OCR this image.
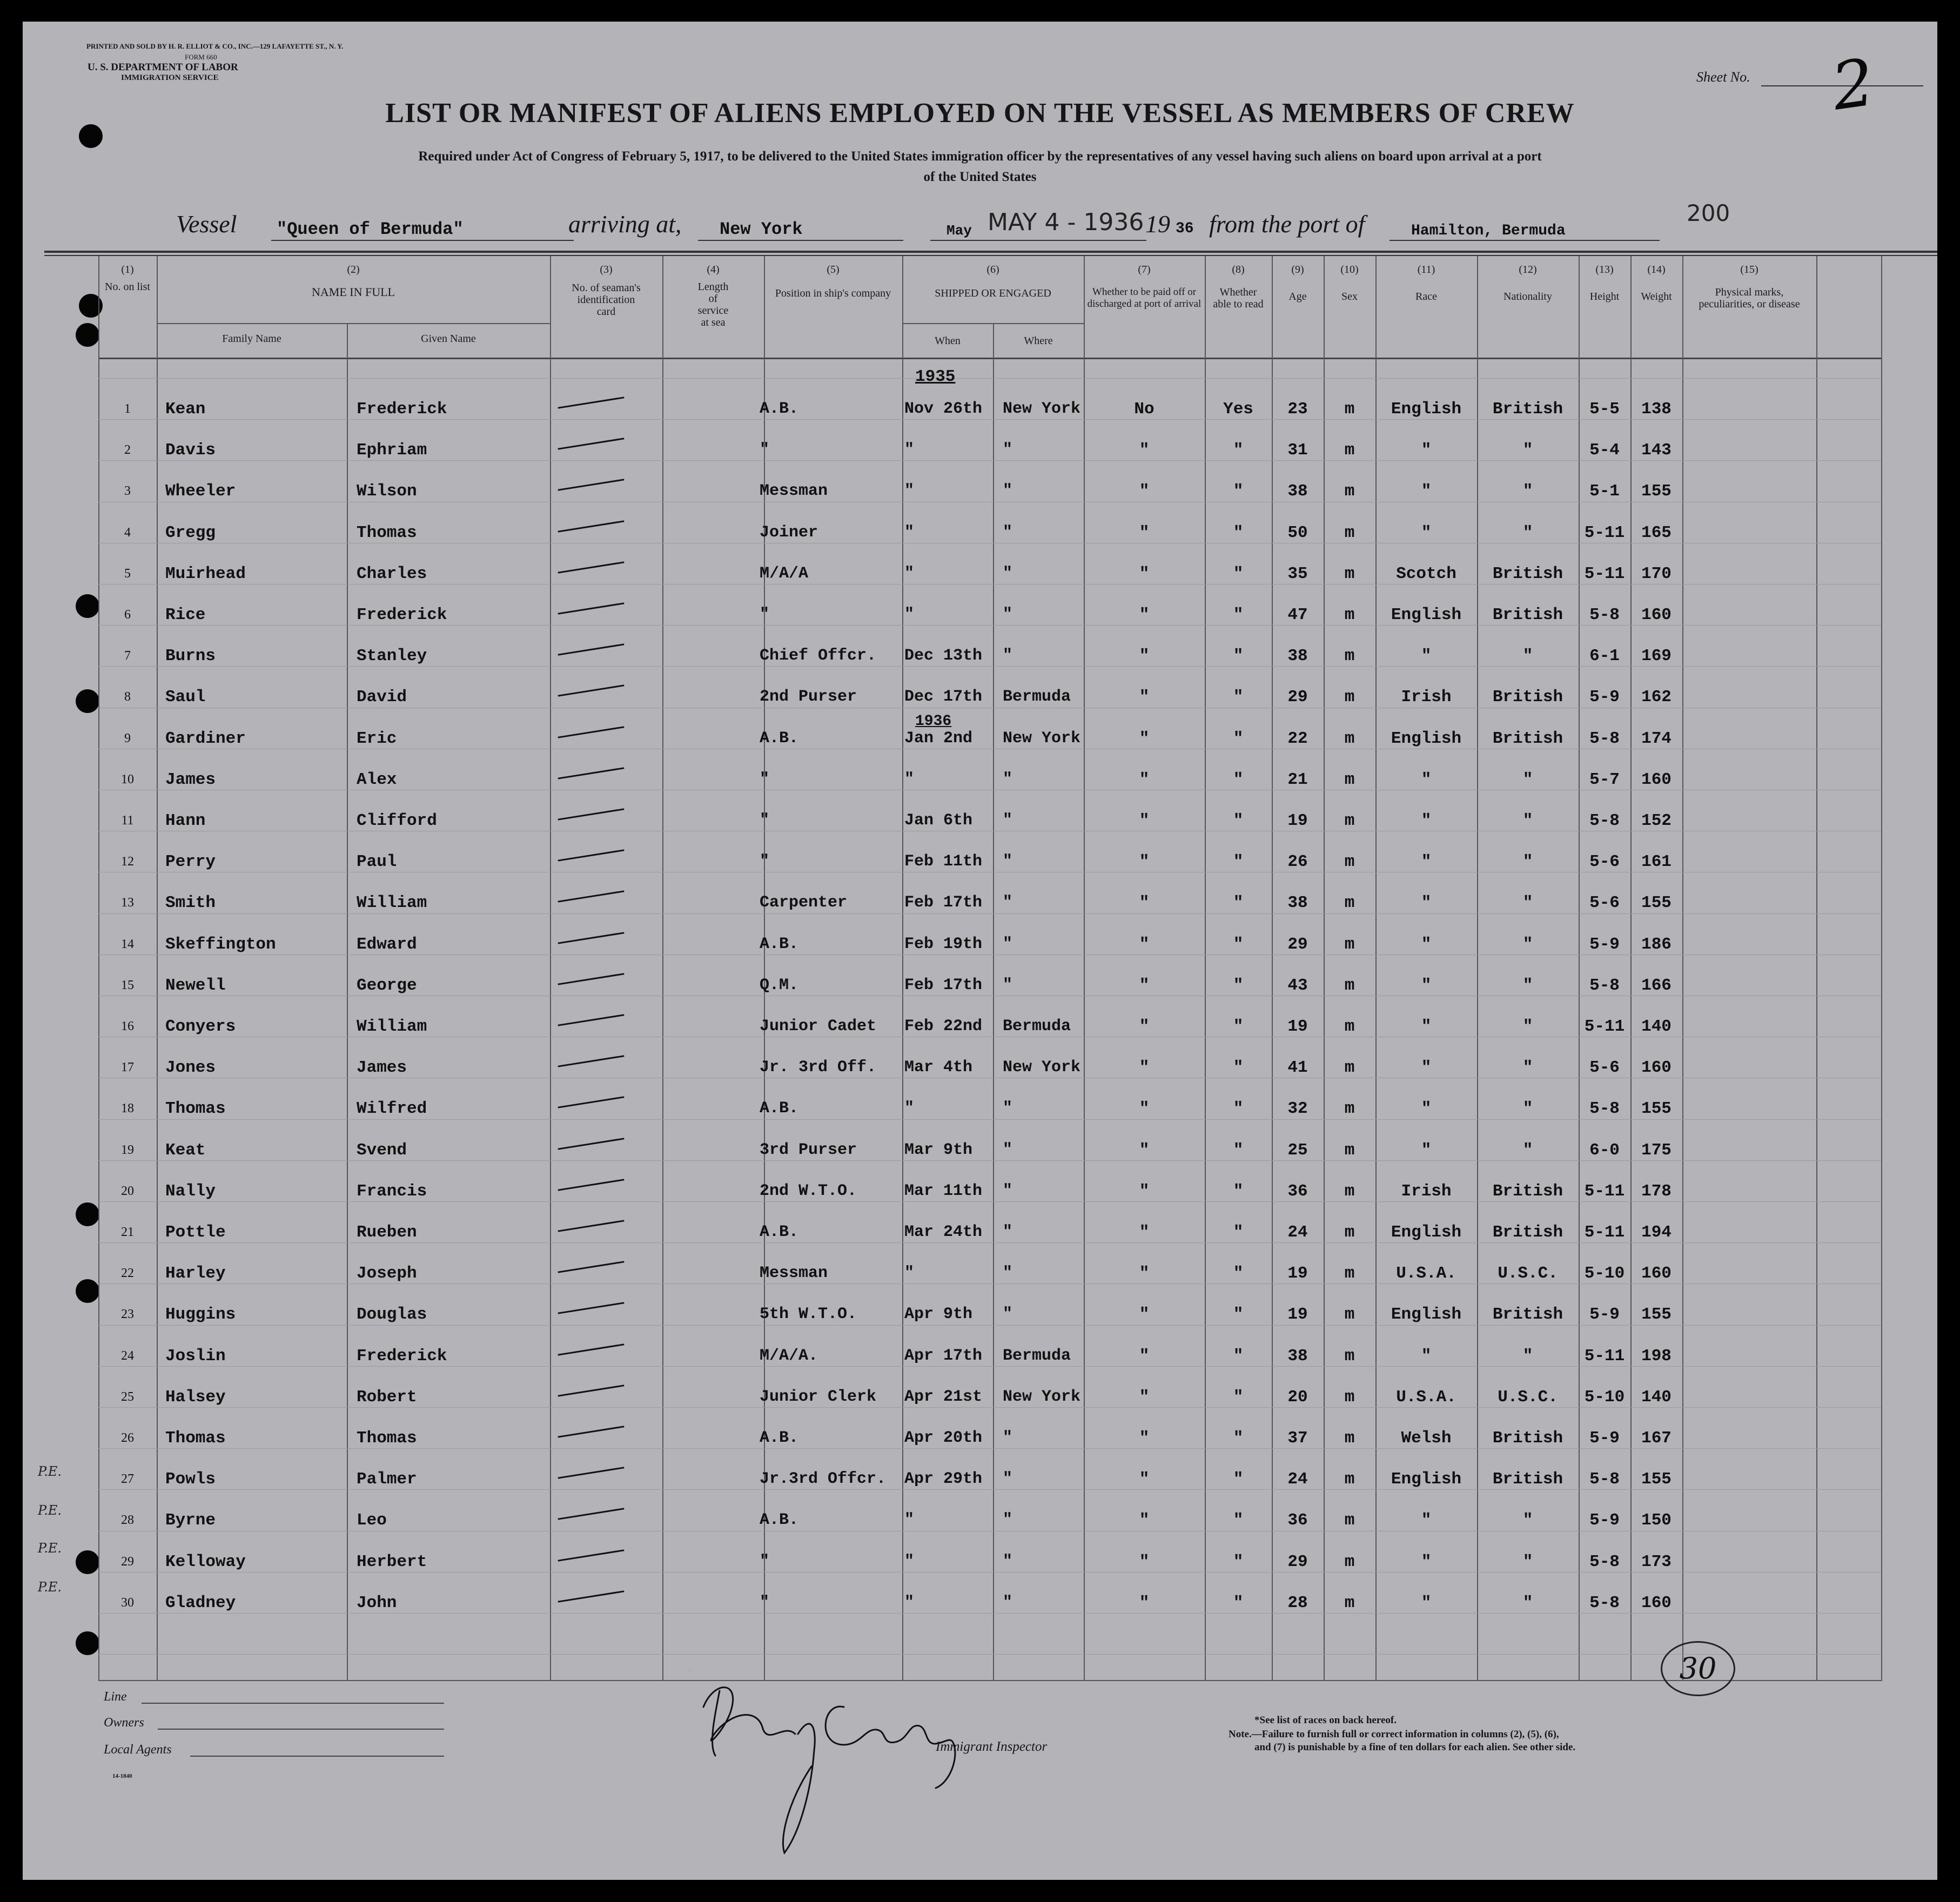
PRINTED AND SOLD BY H. R. ELLIOT & CO., INC.—129 LAFAYETTE ST., N. Y.
FORM 660
U. S. DEPARTMENT OF LABOR
IMMIGRATION SERVICE	Sheet No. 2
LIST OR MANIFEST OF ALIENS EMPLOYED ON THE VESSEL AS MEMBERS OF CREW
Required under Act of Congress of February 5, 1917, to be delivered to the United States immigration officer by the representatives of any vessel having such aliens on board upon arrival at a port
of the United States
Vessel "Queen of Bermuda"	arriving at, New York	May MAY 4 - 1936 19 36 from the port of	Hamilton, Bermuda
200
(1)
No. on list
(2)
NAME IN FULL
Family Name	Given Name
(3)
No. of seaman's identification card
(4)
Length of service at sea
(5)
Position in ship's company
(6)
SHIPPED OR ENGAGED
When	Where
(7)
Whether to be paid off or discharged at port of arrival
(8)
Whether able to read
(9)
Age
(10)
Sex
(11)
Race
(12)
Nationality
(13)
Height
(14)
Weight
(15)
Physical marks, peculiarities, or disease
1935
1936
1	Kean	Frederick	A.B.	Nov 26th	New York	No	Yes	23	m	English	British	5-5	138
2	Davis	Ephriam	"	"	"	"	"	31	m	"	"	5-4	143
3	Wheeler	Wilson	Messman	"	"	"	"	38	m	"	"	5-1	155
4	Gregg	Thomas	Joiner	"	"	"	"	50	m	"	"	5-11 165
5	Muirhead	Charles	M/A/A	"	"	"	"	35	m	Scotch	British	5-11 170
6	Rice	Frederick	"	"	"	"	"	47	m	English	British	5-8	160
7	Burns	Stanley	Chief Offcr.	Dec 13th	"	"	"	38	m	"	"	6-1	169
8	Saul	David	2nd Purser	Dec 17th	Bermuda	"	"	29	m	Irish	British	5-9	162
9	Gardiner	Eric	A.B.	Jan 2nd	New York	"	"	22	m	English	British	5-8	174
10	James	Alex	"	"	"	"	"	21	m	"	"	5-7	160
11	Hann	Clifford	"	Jan 6th	"	"	"	19	m	"	"	5-8	152
12	Perry	Paul	"	Feb 11th	"	"	"	26	m	"	"	5-6	161
13	Smith	William	Carpenter	Feb 17th	"	"	"	38	m	"	"	5-6	155
14	Skeffington	Edward	A.B.	Feb 19th	"	"	"	29	m	"	"	5-9	186
15	Newell	George	Q.M.	Feb 17th	"	"	"	43	m	"	"	5-8	166
16	Conyers	William	Junior Cadet	Feb 22nd	Bermuda	"	"	19	m	"	"	5-11 140
17	Jones	James	Jr. 3rd Off.	Mar 4th	New York	"	"	41	m	"	"	5-6	160
18	Thomas	Wilfred	A.B.	"	"	"	"	32	m	"	"	5-8	155
19	Keat	Svend	3rd Purser	Mar 9th	"	"	"	25	m	"	"	6-0	175
20	Nally	Francis	2nd W.T.O.	Mar 11th	"	"	"	36	m	Irish	British	5-11 178
21	Pottle	Rueben	A.B.	Mar 24th	"	"	"	24	m	English	British	5-11 194
22	Harley	Joseph	Messman	"	"	"	"	19	m	U.S.A.	U.S.C.	5-10 160
23	Huggins	Douglas	5th W.T.O.	Apr 9th	"	"	"	19	m	English	British	5-9	155
24	Joslin	Frederick	M/A/A.	Apr 17th	Bermuda	"	"	38	m	"	"	5-11 198
25	Halsey	Robert	Junior Clerk	Apr 21st	New York	"	"	20	m	U.S.A.	U.S.C.	5-10 140
26	Thomas	Thomas	A.B.	Apr 20th	"	"	"	37	m	Welsh	British	5-9	167
27	Powls	Palmer	Jr.3rd Offcr.	Apr 29th	"	"	"	24	m	English	British	5-8	155
28	Byrne	Leo	A.B.	"	"	"	"	36	m	"	"	5-9	150
29	Kelloway	Herbert	"	"	"	"	"	29	m	"	"	5-8	173
30	Gladney	John	"	"	"	"	"	28	m	"	"	5-8	160
P.E.
P.E.
P.E.
P.E.
30
Line
Owners
Local Agents
14-1840
Herbert J Conley
Immigrant Inspector
*See list of races on back hereof.
Note.—Failure to furnish full or correct information in columns (2), (5), (6),
and (7) is punishable by a fine of ten dollars for each alien. See other side.
